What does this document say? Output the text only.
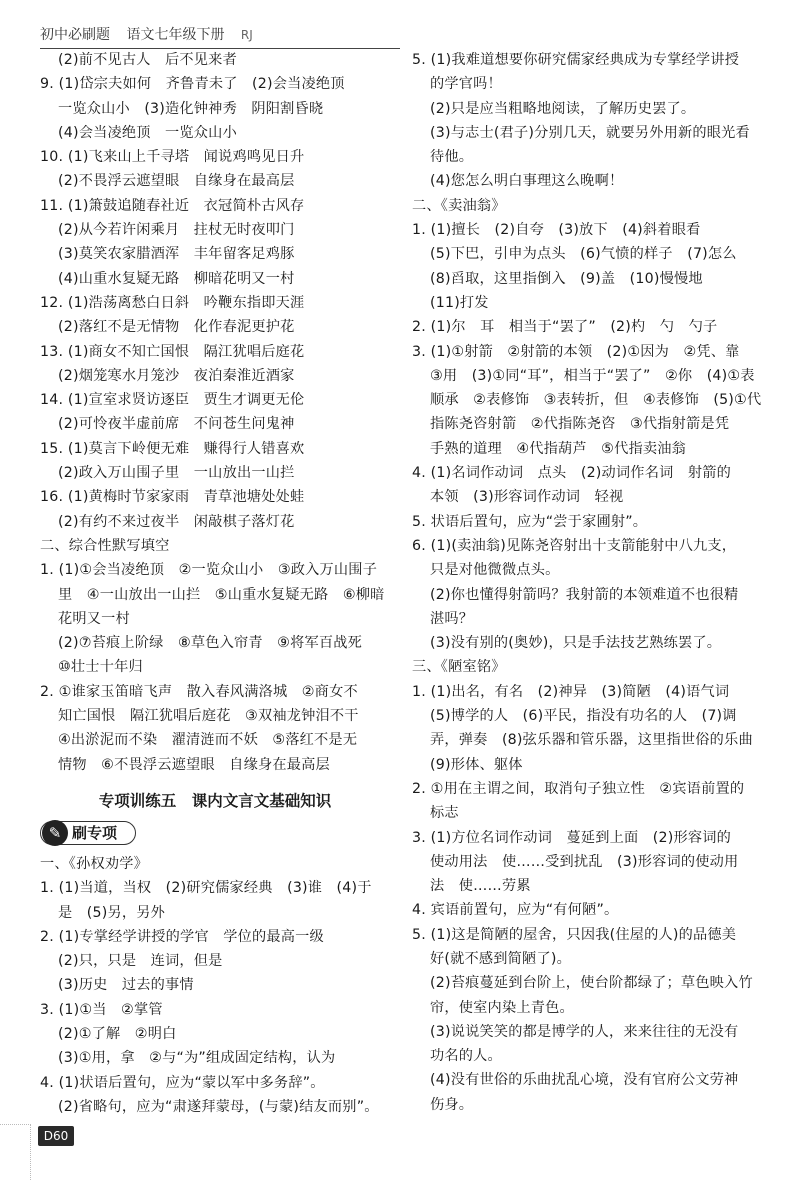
初中必刷题 语文七年级下册 RJ
(2)前不见古人　后不见来者
9. (1)岱宗夫如何　齐鲁青未了　(2)会当凌绝顶
一览众山小　(3)造化钟神秀　阴阳割昏晓
(4)会当凌绝顶　一览众山小
10. (1)飞来山上千寻塔　闻说鸡鸣见日升
(2)不畏浮云遮望眼　自缘身在最高层
11. (1)箫鼓追随春社近　衣冠简朴古风存
(2)从今若许闲乘月　拄杖无时夜叩门
(3)莫笑农家腊酒浑　丰年留客足鸡豚
(4)山重水复疑无路　柳暗花明又一村
12. (1)浩荡离愁白日斜　吟鞭东指即天涯
(2)落红不是无情物　化作春泥更护花
13. (1)商女不知亡国恨　隔江犹唱后庭花
(2)烟笼寒水月笼沙　夜泊秦淮近酒家
14. (1)宣室求贤访逐臣　贾生才调更无伦
(2)可怜夜半虚前席　不问苍生问鬼神
15. (1)莫言下岭便无难　赚得行人错喜欢
(2)政入万山围子里　一山放出一山拦
16. (1)黄梅时节家家雨　青草池塘处处蛙
(2)有约不来过夜半　闲敲棋子落灯花
二、综合性默写填空
1. (1)①会当凌绝顶　②一览众山小　③政入万山围子
里　④一山放出一山拦　⑤山重水复疑无路　⑥柳暗
花明又一村
(2)⑦苔痕上阶绿　⑧草色入帘青　⑨将军百战死
⑩壮士十年归
2. ①谁家玉笛暗飞声　散入春风满洛城　②商女不
知亡国恨　隔江犹唱后庭花　③双袖龙钟泪不干
④出淤泥而不染　濯清涟而不妖　⑤落红不是无
情物　⑥不畏浮云遮望眼　自缘身在最高层
专项训练五　课内文言文基础知识
✎ 刷专项
一、《孙权劝学》
1. (1)当道，当权　(2)研究儒家经典　(3)谁　(4)于
是　(5)另，另外
2. (1)专掌经学讲授的学官　学位的最高一级
(2)只，只是　连词，但是
(3)历史　过去的事情
3. (1)①当　②掌管
(2)①了解　②明白
(3)①用，拿　②与“为”组成固定结构，认为
4. (1)状语后置句，应为“蒙以军中多务辞”。
(2)省略句，应为“肃遂拜蒙母，(与蒙)结友而别”。
5. (1)我难道想要你研究儒家经典成为专掌经学讲授
的学官吗！
(2)只是应当粗略地阅读，了解历史罢了。
(3)与志士(君子)分别几天，就要另外用新的眼光看
待他。
(4)您怎么明白事理这么晚啊！
二、《卖油翁》
1. (1)擅长　(2)自夸　(3)放下　(4)斜着眼看
(5)下巴，引申为点头　(6)气愤的样子　(7)怎么
(8)舀取，这里指倒入　(9)盖　(10)慢慢地
(11)打发
2. (1)尔　耳　相当于“罢了”　(2)杓　勺　勺子
3. (1)①射箭　②射箭的本领　(2)①因为　②凭、靠
③用　(3)①同“耳”，相当于“罢了”　②你　(4)①表
顺承　②表修饰　③表转折，但　④表修饰　(5)①代
指陈尧咨射箭　②代指陈尧咨　③代指射箭是凭
手熟的道理　④代指葫芦　⑤代指卖油翁
4. (1)名词作动词　点头　(2)动词作名词　射箭的
本领　(3)形容词作动词　轻视
5. 状语后置句，应为“尝于家圃射”。
6. (1)(卖油翁)见陈尧咨射出十支箭能射中八九支，
只是对他微微点头。
(2)你也懂得射箭吗？我射箭的本领难道不也很精
湛吗？
(3)没有别的(奥妙)，只是手法技艺熟练罢了。
三、《陋室铭》
1. (1)出名，有名　(2)神异　(3)简陋　(4)语气词
(5)博学的人　(6)平民，指没有功名的人　(7)调
弄，弹奏　(8)弦乐器和管乐器，这里指世俗的乐曲
(9)形体、躯体
2. ①用在主谓之间，取消句子独立性　②宾语前置的
标志
3. (1)方位名词作动词　蔓延到上面　(2)形容词的
使动用法　使……受到扰乱　(3)形容词的使动用
法　使……劳累
4. 宾语前置句，应为“有何陋”。
5. (1)这是简陋的屋舍，只因我(住屋的人)的品德美
好(就不感到简陋了)。
(2)苔痕蔓延到台阶上，使台阶都绿了；草色映入竹
帘，使室内染上青色。
(3)说说笑笑的都是博学的人，来来往往的无没有
功名的人。
(4)没有世俗的乐曲扰乱心境，没有官府公文劳神
伤身。
D60
